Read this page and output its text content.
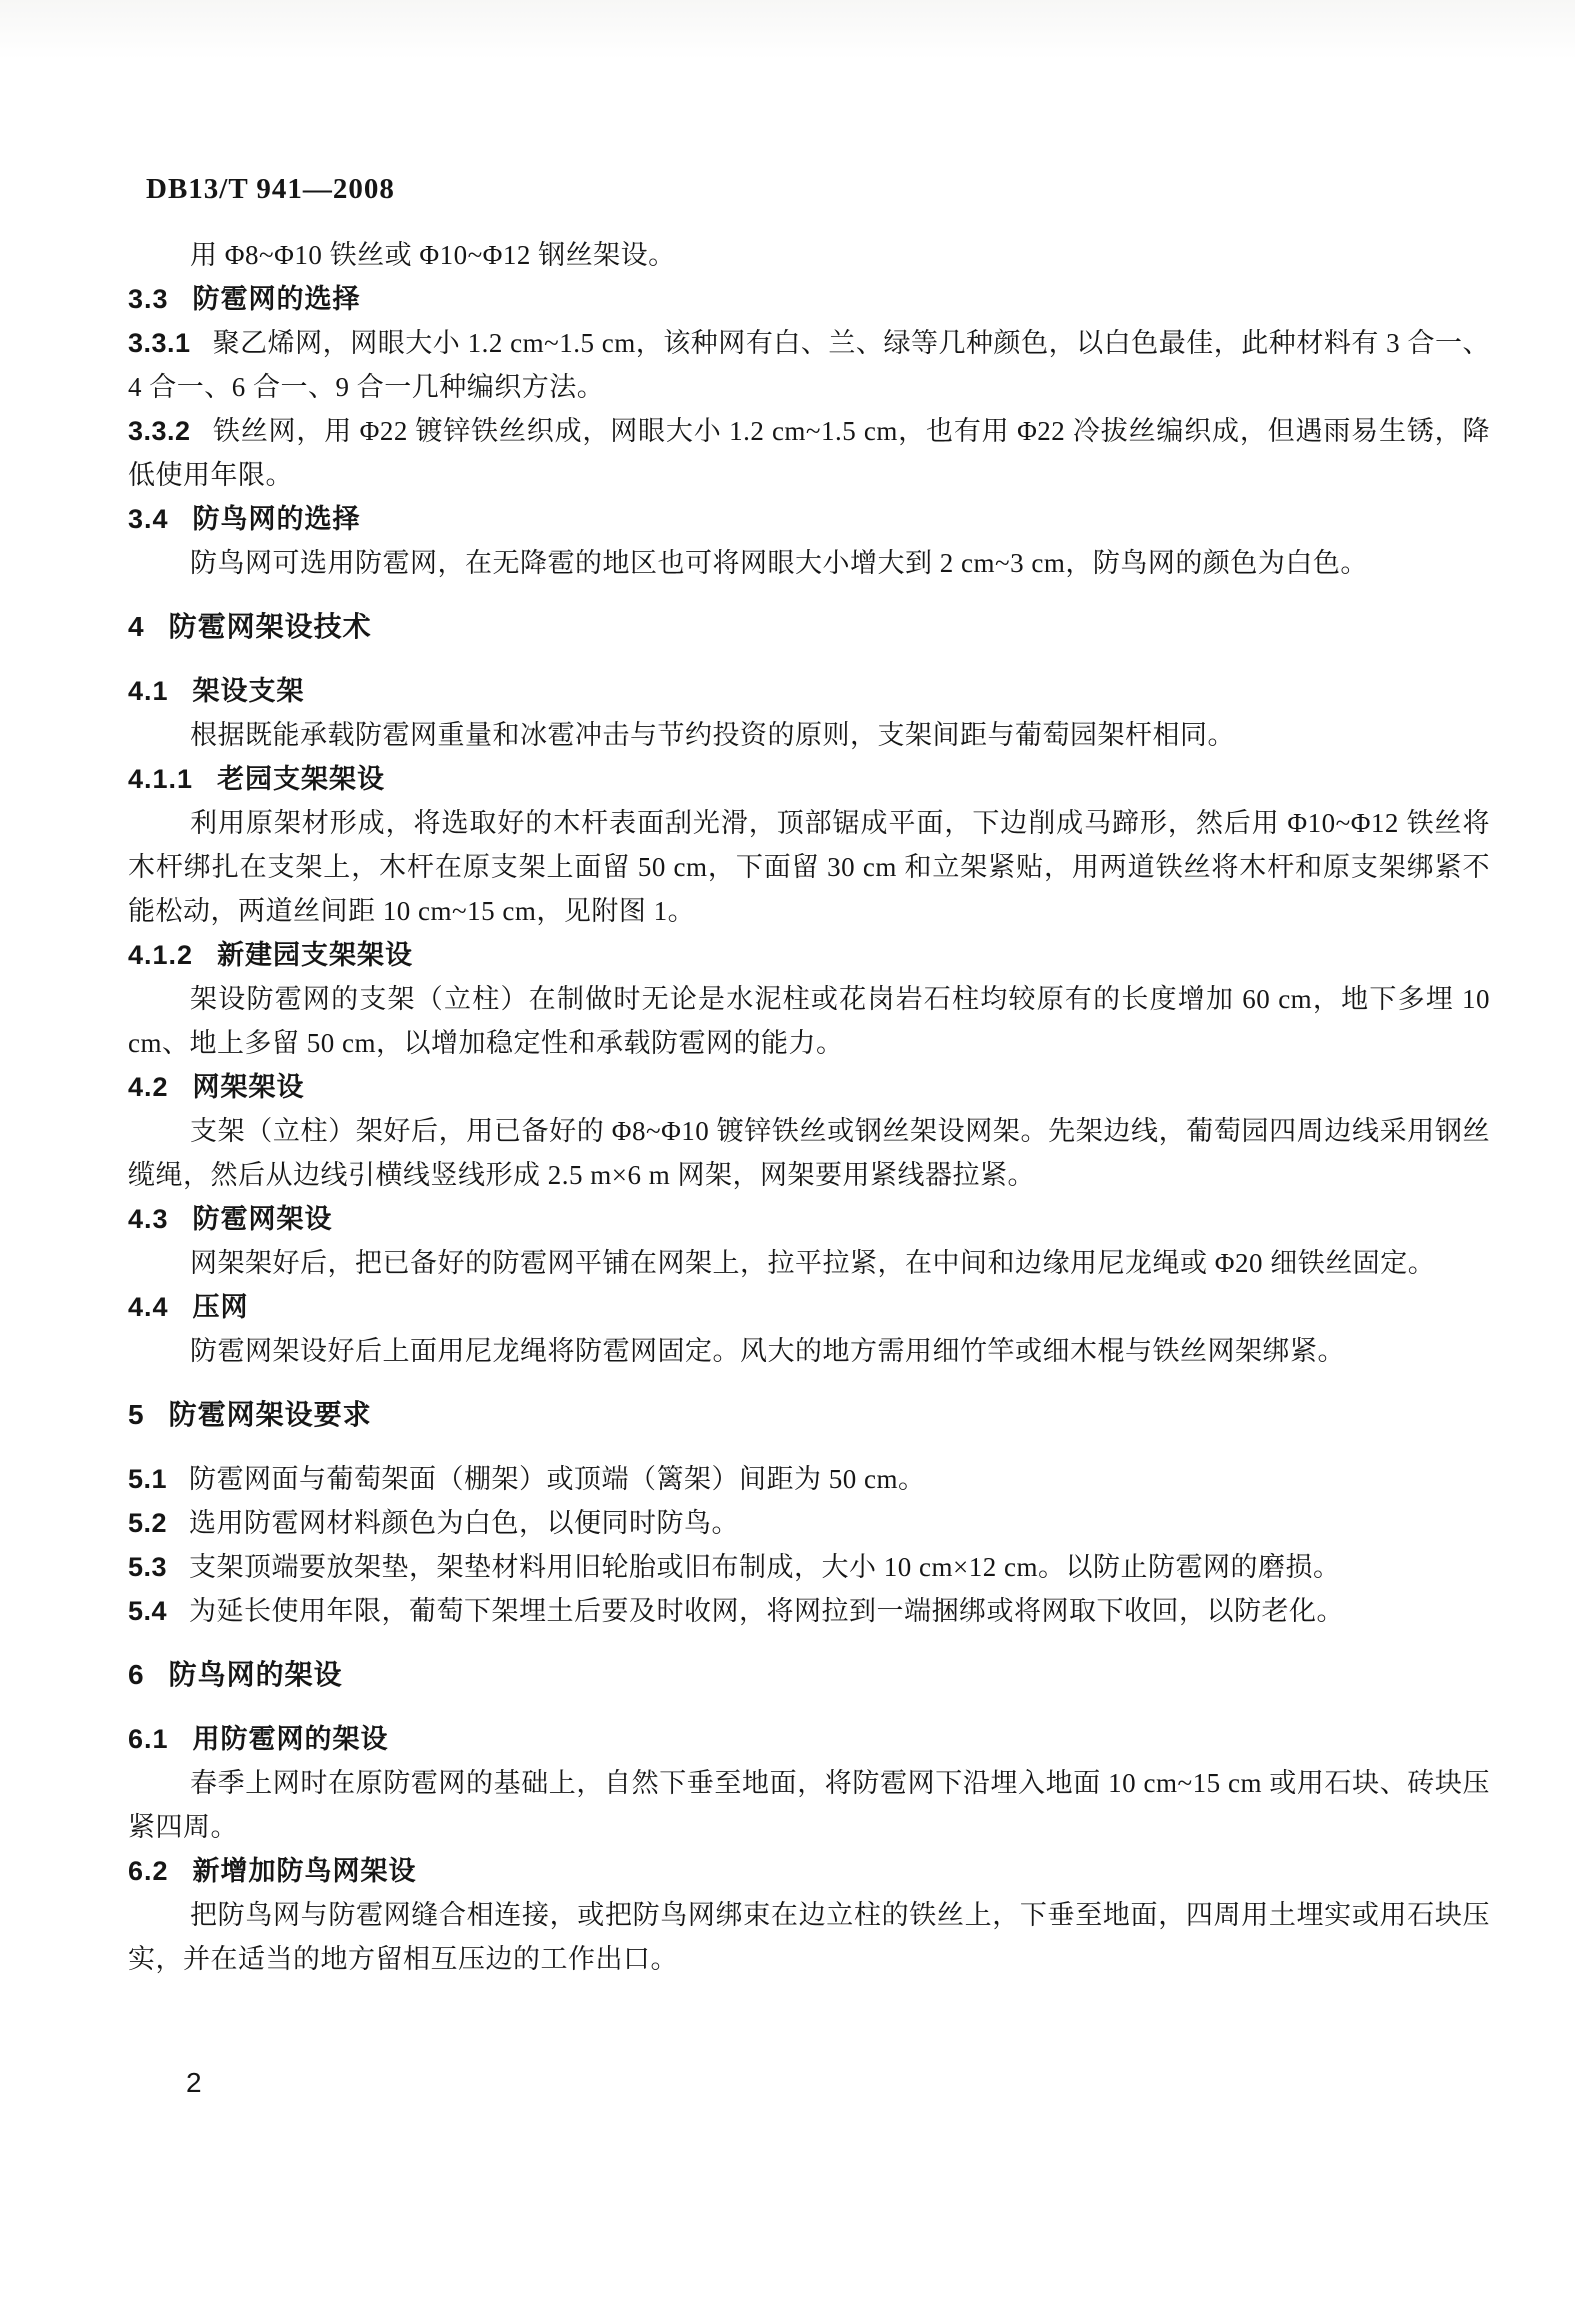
DB13/T 941—2008
用 Φ8~Φ10 铁丝或 Φ10~Φ12 钢丝架设。
3.3 防雹网的选择
3.3.1 聚乙烯网，网眼大小 1.2 cm~1.5 cm，该种网有白、兰、绿等几种颜色，以白色最佳，此种材料有 3 合一、4 合一、6 合一、9 合一几种编织方法。
3.3.2 铁丝网，用 Φ22 镀锌铁丝织成，网眼大小 1.2 cm~1.5 cm，也有用 Φ22 冷拔丝编织成，但遇雨易生锈，降低使用年限。
3.4 防鸟网的选择
防鸟网可选用防雹网，在无降雹的地区也可将网眼大小增大到 2 cm~3 cm，防鸟网的颜色为白色。
4 防雹网架设技术
4.1 架设支架
根据既能承载防雹网重量和冰雹冲击与节约投资的原则，支架间距与葡萄园架杆相同。
4.1.1 老园支架架设
利用原架材形成，将选取好的木杆表面刮光滑，顶部锯成平面，下边削成马蹄形，然后用 Φ10~Φ12 铁丝将木杆绑扎在支架上，木杆在原支架上面留 50 cm，下面留 30 cm 和立架紧贴，用两道铁丝将木杆和原支架绑紧不能松动，两道丝间距 10 cm~15 cm，见附图 1。
4.1.2 新建园支架架设
架设防雹网的支架（立柱）在制做时无论是水泥柱或花岗岩石柱均较原有的长度增加 60 cm，地下多埋 10 cm、地上多留 50 cm，以增加稳定性和承载防雹网的能力。
4.2 网架架设
支架（立柱）架好后，用已备好的 Φ8~Φ10 镀锌铁丝或钢丝架设网架。先架边线，葡萄园四周边线采用钢丝缆绳，然后从边线引横线竖线形成 2.5 m×6 m 网架，网架要用紧线器拉紧。
4.3 防雹网架设
网架架好后，把已备好的防雹网平铺在网架上，拉平拉紧，在中间和边缘用尼龙绳或 Φ20 细铁丝固定。
4.4 压网
防雹网架设好后上面用尼龙绳将防雹网固定。风大的地方需用细竹竿或细木棍与铁丝网架绑紧。
5 防雹网架设要求
5.1 防雹网面与葡萄架面（棚架）或顶端（篱架）间距为 50 cm。
5.2 选用防雹网材料颜色为白色，以便同时防鸟。
5.3 支架顶端要放架垫，架垫材料用旧轮胎或旧布制成，大小 10 cm×12 cm。以防止防雹网的磨损。
5.4 为延长使用年限，葡萄下架埋土后要及时收网，将网拉到一端捆绑或将网取下收回，以防老化。
6 防鸟网的架设
6.1 用防雹网的架设
春季上网时在原防雹网的基础上，自然下垂至地面，将防雹网下沿埋入地面 10 cm~15 cm 或用石块、砖块压紧四周。
6.2 新增加防鸟网架设
把防鸟网与防雹网缝合相连接，或把防鸟网绑束在边立柱的铁丝上，下垂至地面，四周用土埋实或用石块压实，并在适当的地方留相互压边的工作出口。
2
